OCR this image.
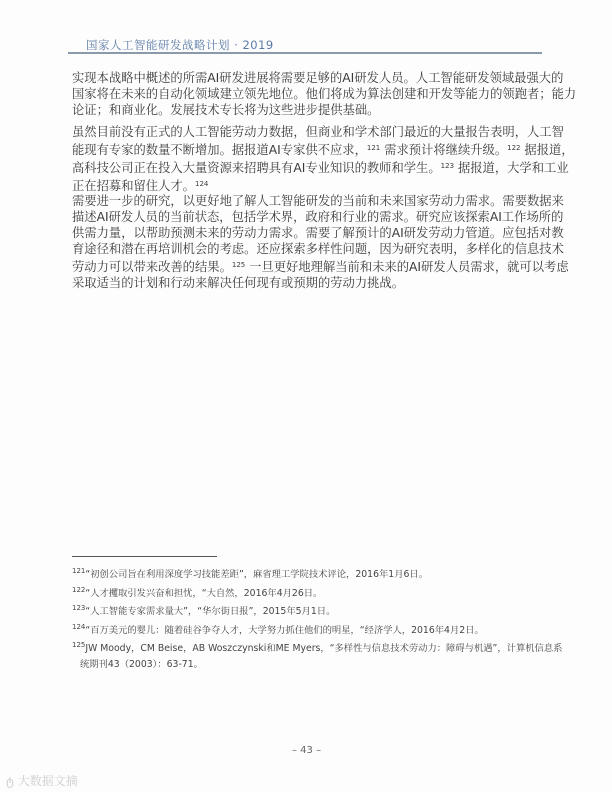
国家人工智能研发战略计划 · 2019
实现本战略中概述的所需AI研发进展将需要足够的AI研发人员。人工智能研发领域最强大的
国家将在未来的自动化领域建立领先地位。他们将成为算法创建和开发等能力的领跑者；能力
论证；和商业化。发展技术专长将为这些进步提供基础。
虽然目前没有正式的人工智能劳动力数据，但商业和学术部门最近的大量报告表明，人工智
能现有专家的数量不断增加。据报道AI专家供不应求，$^{121}$ 需求预计将继续升级。$^{122}$ 据报道，
高科技公司正在投入大量资源来招聘具有AI专业知识的教师和学生。$^{123}$ 据报道，大学和工业
正在招募和留住人才。$^{124}$
需要进一步的研究，以更好地了解人工智能研发的当前和未来国家劳动力需求。需要数据来
描述AI研发人员的当前状态，包括学术界，政府和行业的需求。研究应该探索AI工作场所的
供需力量，以帮助预测未来的劳动力需求。需要了解预计的AI研发劳动力管道。应包括对教
育途径和潜在再培训机会的考虑。还应探索多样性问题，因为研究表明，多样化的信息技术
劳动力可以带来改善的结果。$^{125}$ 一旦更好地理解当前和未来的AI研发人员需求，就可以考虑
采取适当的计划和行动来解决任何现有或预期的劳动力挑战。
$^{121}$“初创公司旨在利用深度学习技能差距”，麻省理工学院技术评论，2016年1月6日。
$^{122}$“人才攫取引发兴奋和担忧，“大自然，2016年4月26日。
$^{123}$“人工智能专家需求量大”，“华尔街日报”，2015年5月1日。
$^{124}$“百万美元的婴儿：随着硅谷争夺人才，大学努力抓住他们的明星，“经济学人，2016年4月2日。
$^{125}$JW Moody，CM Beise，AB Woszczynski和ME Myers，“多样性与信息技术劳动力：障碍与机遇”，计算机信息系
统期刊43（2003）：63-71。
– 43 –
ტ 大数据文摘
